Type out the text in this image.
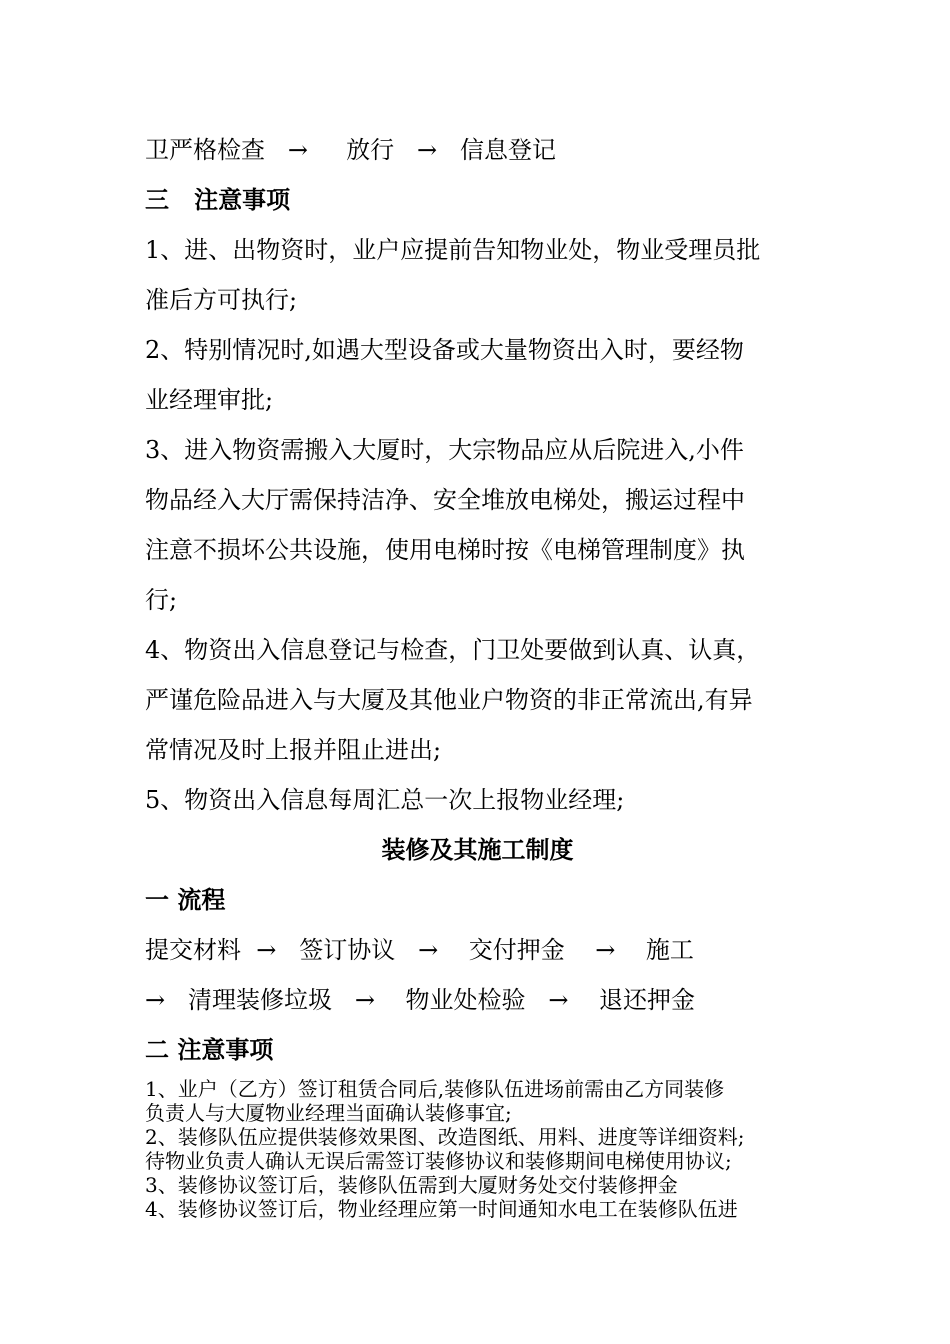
卫严格检查   →     放行   →   信息登记
三   注意事项
1、进、出物资时，业户应提前告知物业处，物业受理员批
准后方可执行;
2、特别情况时,如遇大型设备或大量物资出入时，要经物
业经理审批;
3、进入物资需搬入大厦时，大宗物品应从后院进入,小件
物品经入大厅需保持洁净、安全堆放电梯处，搬运过程中
注意不损坏公共设施，使用电梯时按《电梯管理制度》执
行;
4、物资出入信息登记与检查，门卫处要做到认真、认真，
严谨危险品进入与大厦及其他业户物资的非正常流出,有异
常情况及时上报并阻止进出;
5、物资出入信息每周汇总一次上报物业经理;
装修及其施工制度
一 流程
提交材料  →   签订协议   →    交付押金    →    施工
→   清理装修垃圾   →    物业处检验   →    退还押金
二 注意事项
1、业户（乙方）签订租赁合同后,装修队伍进场前需由乙方同装修
负责人与大厦物业经理当面确认装修事宜;
2、装修队伍应提供装修效果图、改造图纸、用料、进度等详细资料;
待物业负责人确认无误后需签订装修协议和装修期间电梯使用协议;
3、装修协议签订后，装修队伍需到大厦财务处交付装修押金
4、装修协议签订后，物业经理应第一时间通知水电工在装修队伍进
